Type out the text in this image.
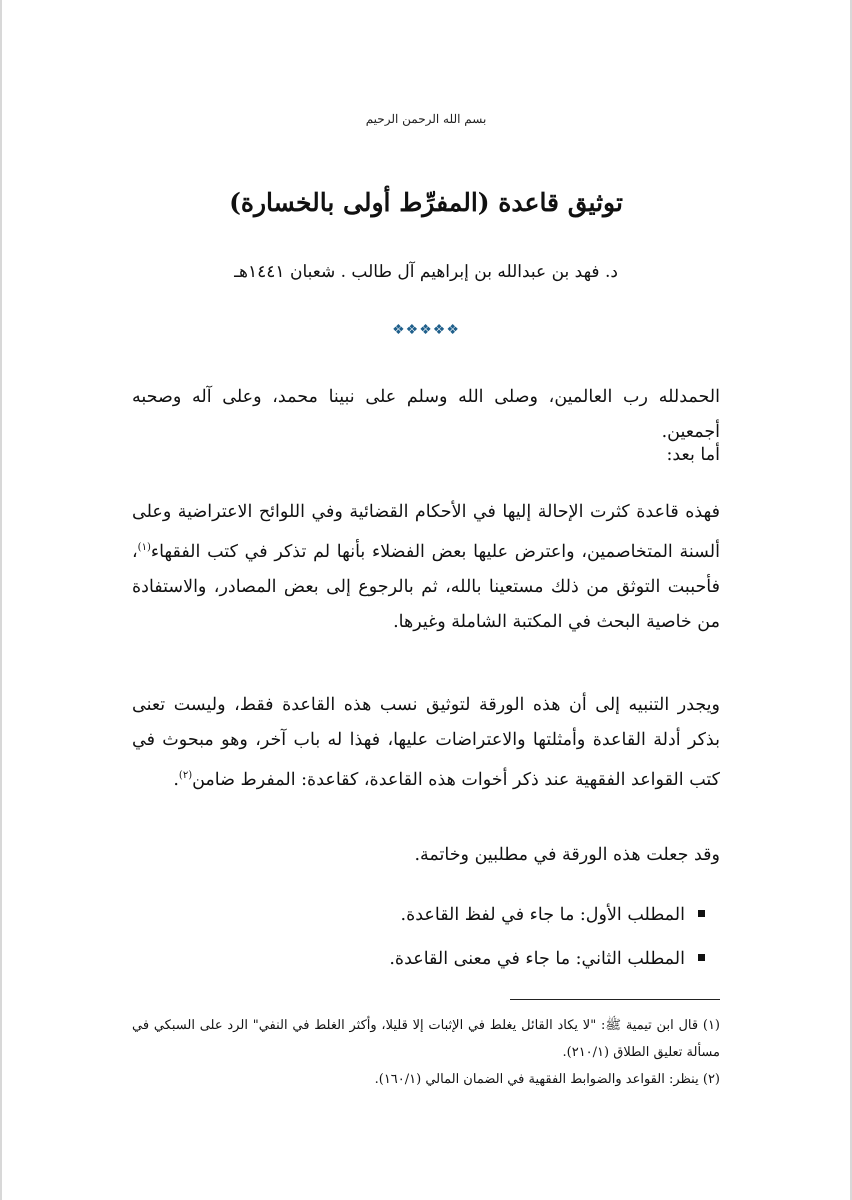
بسم الله الرحمن الرحيم
توثيق قاعدة (المفرِّط أولى بالخسارة)
د. فهد بن عبدالله بن إبراهيم آل طالب . شعبان ١٤٤١هـ
❖❖❖❖❖
الحمدلله رب العالمين، وصلى الله وسلم على نبينا محمد، وعلى آله وصحبه أجمعين.
أما بعد:
فهذه قاعدة كثرت الإحالة إليها في الأحكام القضائية وفي اللوائح الاعتراضية وعلى ألسنة المتخاصمين، واعترض عليها بعض الفضلاء بأنها لم تذكر في كتب الفقهاء$^{(١)}$، فأحببت التوثق من ذلك مستعينا بالله، ثم بالرجوع إلى بعض المصادر، والاستفادة من خاصية البحث في المكتبة الشاملة وغيرها.
ويجدر التنبيه إلى أن هذه الورقة لتوثيق نسب هذه القاعدة فقط، وليست تعنى بذكر أدلة القاعدة وأمثلتها والاعتراضات عليها، فهذا له باب آخر، وهو مبحوث في كتب القواعد الفقهية عند ذكر أخوات هذه القاعدة، كقاعدة: المفرط ضامن$^{(٢)}$.
وقد جعلت هذه الورقة في مطلبين وخاتمة.
المطلب الأول: ما جاء في لفظ القاعدة.
المطلب الثاني: ما جاء في معنى القاعدة.

(١) قال ابن تيمية ﷺ: "لا يكاد القائل يغلط في الإثبات إلا قليلا، وأكثر الغلط في النفي" الرد على السبكي في مسألة تعليق الطلاق (٢١٠/١).

(٢) ينظر: القواعد والضوابط الفقهية في الضمان المالي (١٦٠/١).
